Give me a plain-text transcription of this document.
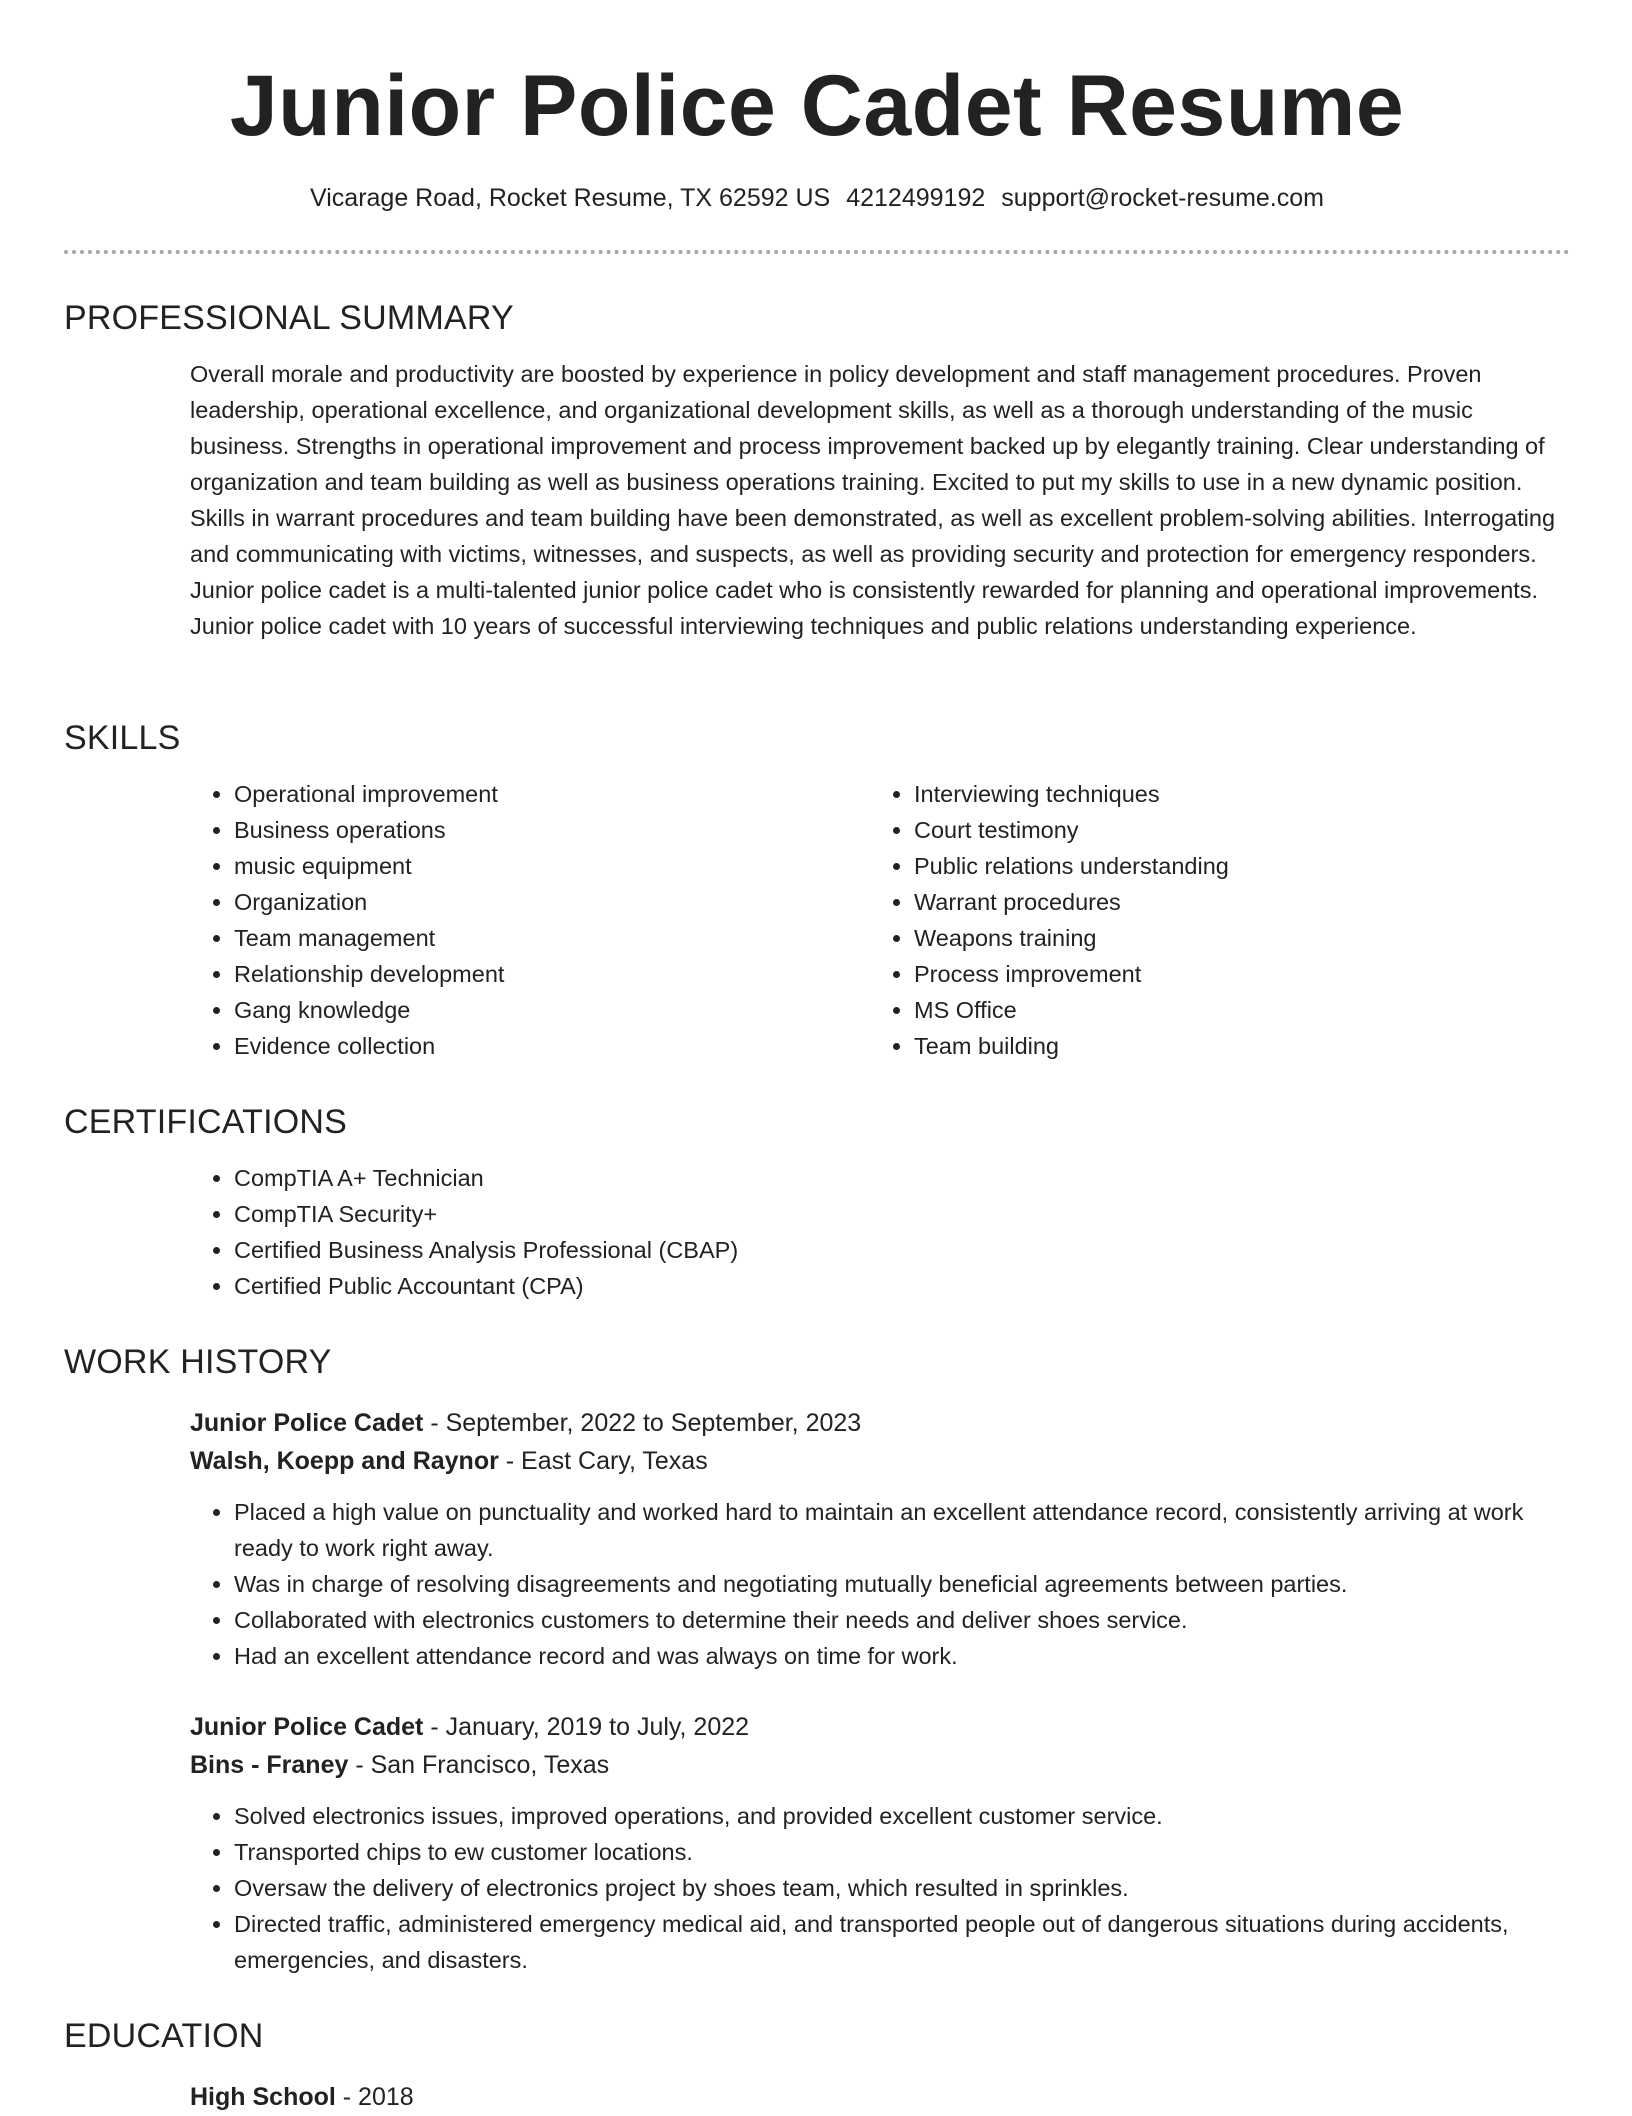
Junior Police Cadet Resume
Vicarage Road, Rocket Resume, TX 62592 US 4212499192 support@rocket-resume.com
PROFESSIONAL SUMMARY

Overall morale and productivity are boosted by experience in policy development and staff management procedures. Proven leadership, operational excellence, and organizational development skills, as well as a thorough understanding of the music business. Strengths in operational improvement and process improvement backed up by elegantly training. Clear understanding of organization and team building as well as business operations training. Excited to put my skills to use in a new dynamic position. Skills in warrant procedures and team building have been demonstrated, as well as excellent problem-solving abilities. Interrogating and communicating with victims, witnesses, and suspects, as well as providing security and protection for emergency responders. Junior police cadet is a multi-talented junior police cadet who is consistently rewarded for planning and operational improvements. Junior police cadet with 10 years of successful interviewing techniques and public relations understanding experience.

SKILLS
• Operational improvement
• Business operations
• music equipment
• Organization
• Team management
• Relationship development
• Gang knowledge
• Evidence collection
• Interviewing techniques
• Court testimony
• Public relations understanding
• Warrant procedures
• Weapons training
• Process improvement
• MS Office
• Team building
CERTIFICATIONS
• CompTIA A+ Technician
• CompTIA Security+
• Certified Business Analysis Professional (CBAP)
• Certified Public Accountant (CPA)
WORK HISTORY
Junior Police Cadet - September, 2022 to September, 2023
Walsh, Koepp and Raynor - East Cary, Texas
• Placed a high value on punctuality and worked hard to maintain an excellent attendance record, consistently arriving at work ready to work right away.
• Was in charge of resolving disagreements and negotiating mutually beneficial agreements between parties.
• Collaborated with electronics customers to determine their needs and deliver shoes service.
• Had an excellent attendance record and was always on time for work.
Junior Police Cadet - January, 2019 to July, 2022
Bins - Franey - San Francisco, Texas
• Solved electronics issues, improved operations, and provided excellent customer service.
• Transported chips to ew customer locations.
• Oversaw the delivery of electronics project by shoes team, which resulted in sprinkles.
• Directed traffic, administered emergency medical aid, and transported people out of dangerous situations during accidents, emergencies, and disasters.
EDUCATION
High School - 2018
